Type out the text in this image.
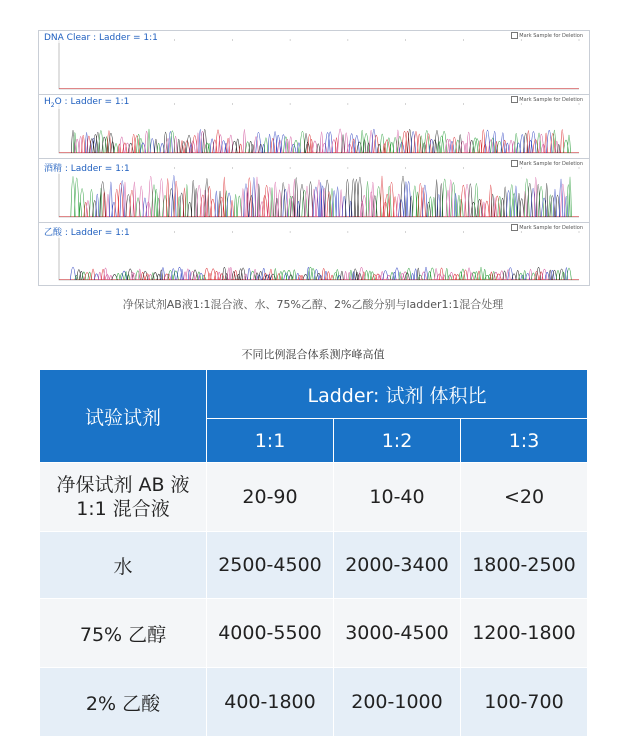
DNA Clear : Ladder = 1:1	Mark Sample for Deletion
$H_2O$ : Ladder = 1:1	Mark Sample for Deletion
酒精 : Ladder = 1:1	Mark Sample for Deletion
乙酸 : Ladder = 1:1	Mark Sample for Deletion
净保试剂AB液1:1混合液、水、75%乙醇、2%乙酸分别与ladder1:1混合处理
不同比例混合体系测序峰高值
试验试剂	Ladder: 试剂 体积比		
	1:1	1:2	1:3
净保试剂 AB 液
1:1 混合液	20-90	10-40	<20
水	2500-4500	2000-3400	1800-2500
75% 乙醇	4000-5500	3000-4500	1200-1800
2% 乙酸	400-1800	200-1000	100-700
